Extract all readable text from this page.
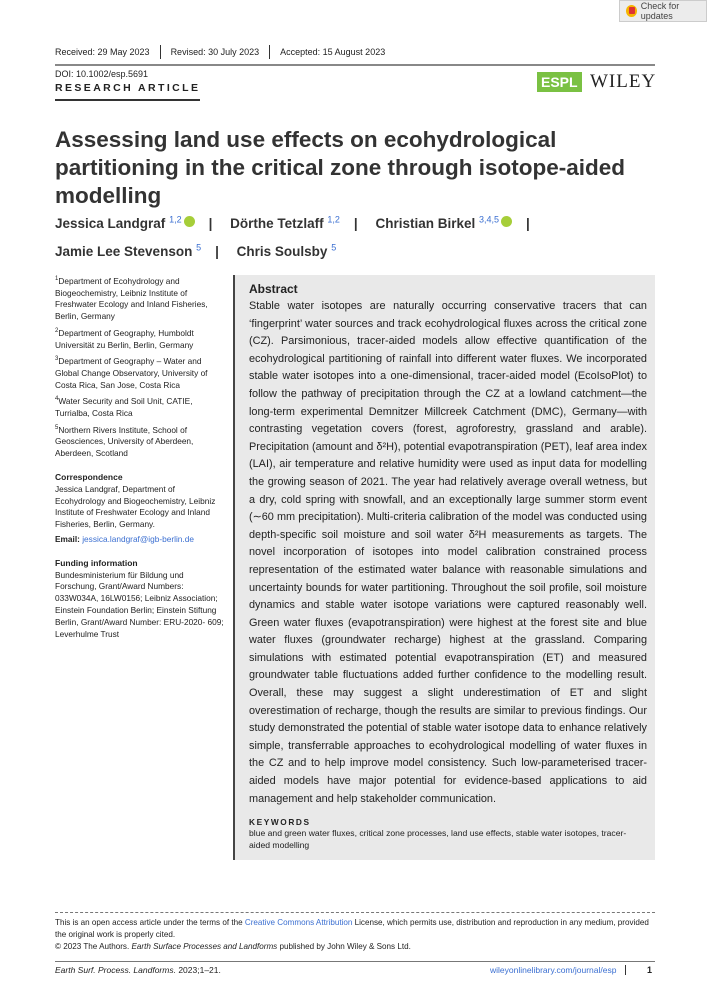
Check for updates
Received: 29 May 2023	Revised: 30 July 2023	Accepted: 15 August 2023
DOI: 10.1002/esp.5691
RESEARCH ARTICLE	ESPL WILEY
Assessing land use effects on ecohydrological partitioning in the critical zone through isotope-aided modelling
Jessica Landgraf $^{1,2}$ | Dörthe Tetzlaff $^{1,2}$ | Christian Birkel $^{3,4,5}$ |
Jamie Lee Stevenson $^5$ | Chris Soulsby $^5$

$^1$Department of Ecohydrology and Biogeochemistry, Leibniz Institute of Freshwater Ecology and Inland Fisheries, Berlin, Germany

$^2$Department of Geography, Humboldt Universität zu Berlin, Berlin, Germany

$^3$Department of Geography – Water and Global Change Observatory, University of Costa Rica, San Jose, Costa Rica

$^4$Water Security and Soil Unit, CATIE, Turrialba, Costa Rica

$^5$Northern Rivers Institute, School of Geosciences, University of Aberdeen, Aberdeen, Scotland

Correspondence

Jessica Landgraf, Department of Ecohydrology and Biogeochemistry, Leibniz Institute of Freshwater Ecology and Inland Fisheries, Berlin, Germany.

Email: jessica.landgraf@igb-berlin.de

Funding information

Bundesministerium für Bildung und Forschung, Grant/Award Numbers: 033W034A, 16LW0156; Leibniz Association; Einstein Foundation Berlin; Einstein Stiftung Berlin, Grant/Award Number: ERU-2020- 609; Leverhulme Trust

Abstract

Stable water isotopes are naturally occurring conservative tracers that can ‘fingerprint’ water sources and track ecohydrological fluxes across the critical zone (CZ). Parsimonious, tracer-aided models allow effective quantification of the ecohydrological partitioning of rainfall into different water fluxes. We incorporated stable water isotopes into a one-dimensional, tracer-aided model (EcoIsoPlot) to follow the pathway of precipitation through the CZ at a lowland catchment—the long-term experimental Demnitzer Millcreek Catchment (DMC), Germany—with contrasting vegetation covers (forest, agroforestry, grassland and arable). Precipitation (amount and δ²H), potential evapotranspiration (PET), leaf area index (LAI), air temperature and relative humidity were used as input data for modelling the growing season of 2021. The year had relatively average overall wetness, but a dry, cold spring with snowfall, and an exceptionally large summer storm event (∼60 mm precipitation). Multi-criteria calibration of the model was conducted using depth-specific soil moisture and soil water δ²H measurements as targets. The novel incorporation of isotopes into model calibration constrained process representation of the estimated water balance with reasonable simulations and uncertainty bounds for water partitioning. Throughout the soil profile, soil moisture dynamics and stable water isotope variations were captured reasonably well. Green water fluxes (evapotranspiration) were highest at the forest site and blue water fluxes (groundwater recharge) highest at the grassland. Comparing simulations with estimated potential evapotranspiration (ET) and measured groundwater table fluctuations added further confidence to the modelling result. Overall, these may suggest a slight underestimation of ET and slight overestimation of recharge, though the results are similar to previous findings. Our study demonstrated the potential of stable water isotope data to enhance relatively simple, transferrable approaches to ecohydrological modelling of water fluxes in the CZ and to help improve model consistency. Such low-parameterised tracer-aided models have major potential for evidence-based applications to aid management and help stakeholder communication.

KEYWORDS
blue and green water fluxes, critical zone processes, land use effects, stable water isotopes, tracer-aided modelling
This is an open access article under the terms of the Creative Commons Attribution License, which permits use, distribution and reproduction in any medium, provided the original work is properly cited.
© 2023 The Authors. Earth Surface Processes and Landforms published by John Wiley & Sons Ltd.
Earth Surf. Process. Landforms. 2023;1–21.	wileyonlinelibrary.com/journal/esp	1
